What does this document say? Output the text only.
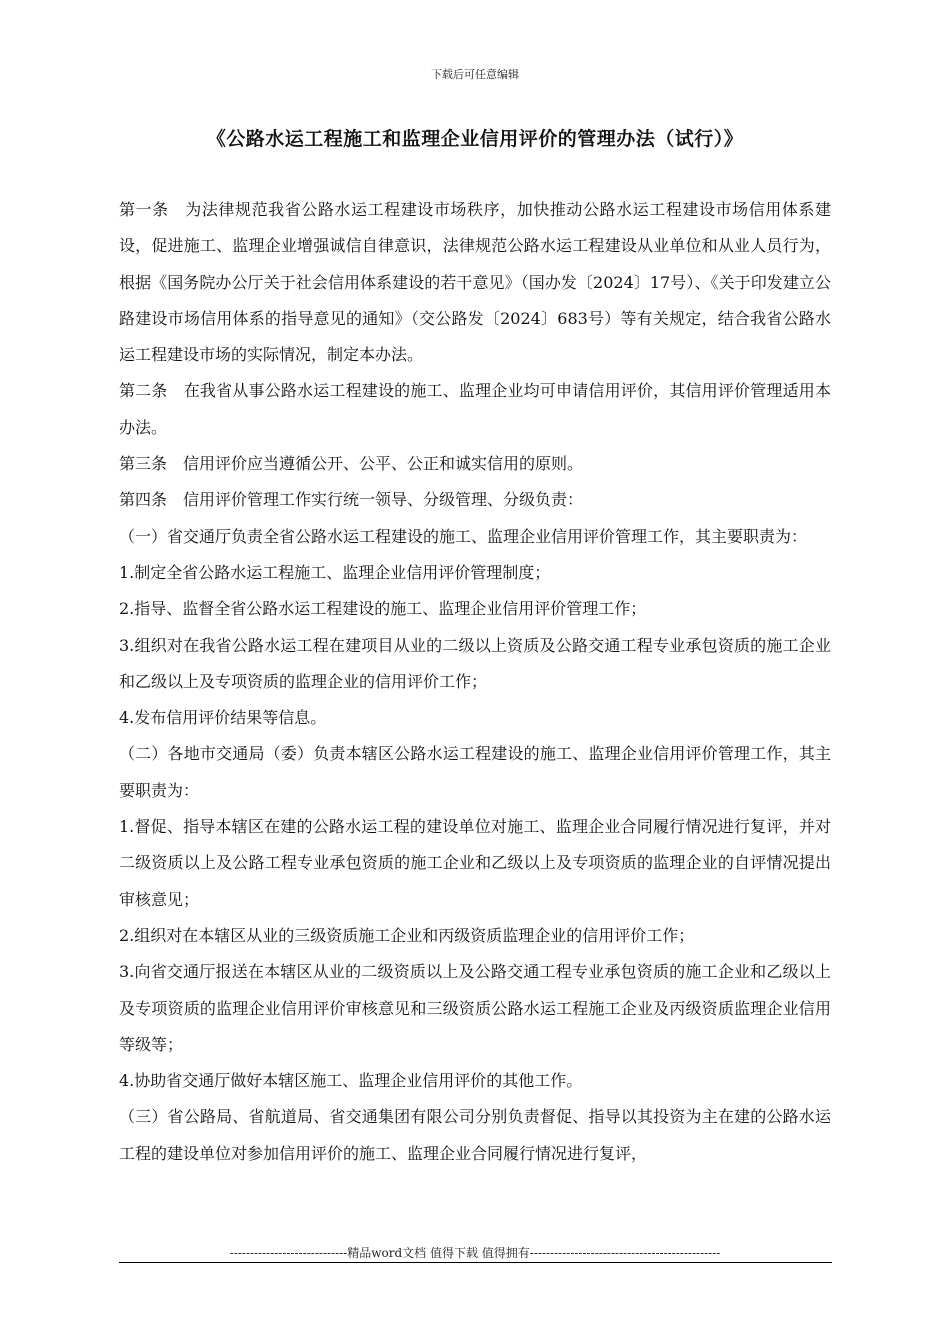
下载后可任意编辑
《公路水运工程施工和监理企业信用评价的管理办法（试行）》

第一条　为法律规范我省公路水运工程建设市场秩序，加快推动公路水运工程建设市场信用体系建设，促进施工、监理企业增强诚信自律意识，法律规范公路水运工程建设从业单位和从业人员行为，根据《国务院办公厅关于社会信用体系建设的若干意见》（国办发〔2024〕17号）、《关于印发建立公路建设市场信用体系的指导意见的通知》（交公路发〔2024〕683号）等有关规定，结合我省公路水运工程建设市场的实际情况，制定本办法。

第二条　在我省从事公路水运工程建设的施工、监理企业均可申请信用评价，其信用评价管理适用本办法。

第三条　信用评价应当遵循公开、公平、公正和诚实信用的原则。

第四条　信用评价管理工作实行统一领导、分级管理、分级负责：

（一）省交通厅负责全省公路水运工程建设的施工、监理企业信用评价管理工作，其主要职责为：

1.制定全省公路水运工程施工、监理企业信用评价管理制度；

2.指导、监督全省公路水运工程建设的施工、监理企业信用评价管理工作；

3.组织对在我省公路水运工程在建项目从业的二级以上资质及公路交通工程专业承包资质的施工企业和乙级以上及专项资质的监理企业的信用评价工作；

4.发布信用评价结果等信息。

（二）各地市交通局（委）负责本辖区公路水运工程建设的施工、监理企业信用评价管理工作，其主要职责为：

1.督促、指导本辖区在建的公路水运工程的建设单位对施工、监理企业合同履行情况进行复评，并对二级资质以上及公路工程专业承包资质的施工企业和乙级以上及专项资质的监理企业的自评情况提出审核意见；

2.组织对在本辖区从业的三级资质施工企业和丙级资质监理企业的信用评价工作；

3.向省交通厅报送在本辖区从业的二级资质以上及公路交通工程专业承包资质的施工企业和乙级以上及专项资质的监理企业信用评价审核意见和三级资质公路水运工程施工企业及丙级资质监理企业信用等级等；

4.协助省交通厅做好本辖区施工、监理企业信用评价的其他工作。

（三）省公路局、省航道局、省交通集团有限公司分别负责督促、指导以其投资为主在建的公路水运工程的建设单位对参加信用评价的施工、监理企业合同履行情况进行复评，

-----------------------------精品word文档 值得下载 值得拥有-----------------------------------------------
